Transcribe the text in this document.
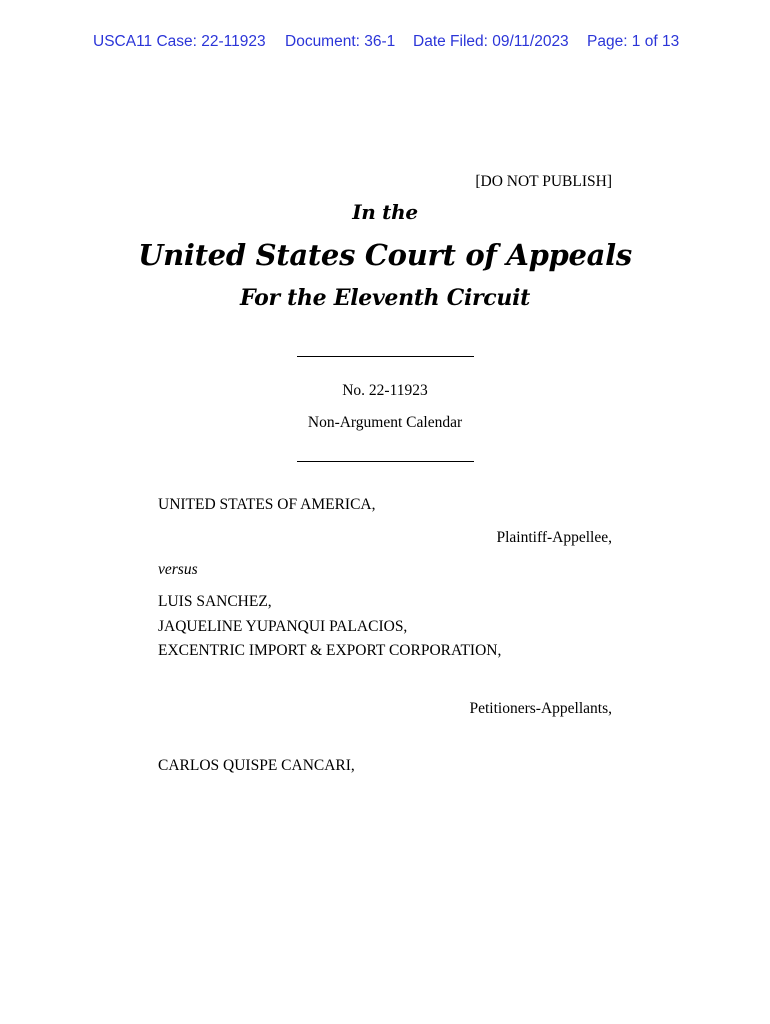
USCA11 Case: 22-11923 Document: 36-1 Date Filed: 09/11/2023 Page: 1 of 13
[DO NOT PUBLISH]
In the
United States Court of Appeals
For the Eleventh Circuit
No. 22-11923
Non-Argument Calendar
UNITED STATES OF AMERICA,
Plaintiff-Appellee,
versus
LUIS SANCHEZ,
JAQUELINE YUPANQUI PALACIOS,
EXCENTRIC IMPORT & EXPORT CORPORATION,
Petitioners-Appellants,
CARLOS QUISPE CANCARI,
